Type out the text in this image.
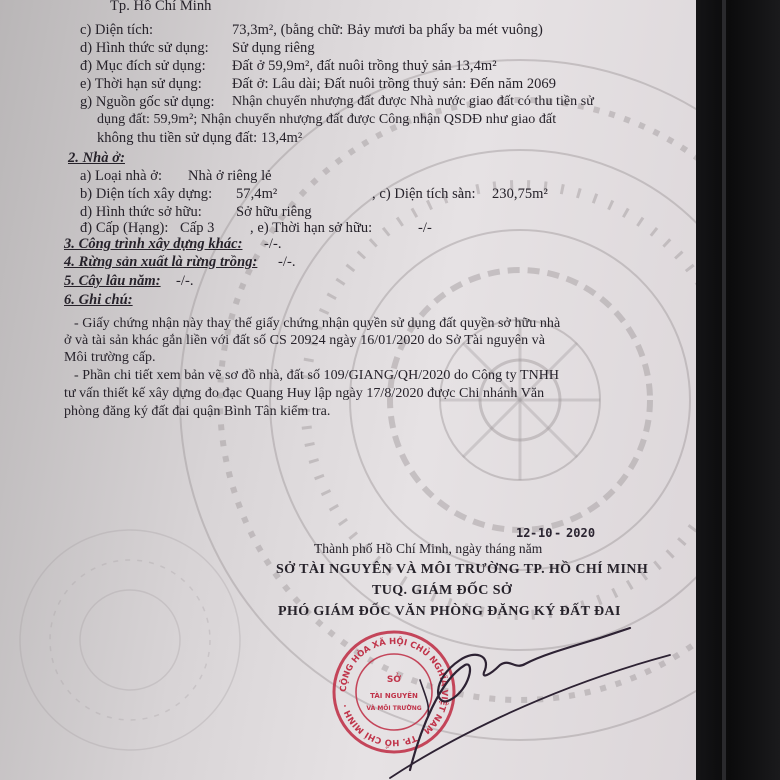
Tp. Hồ Chí Minh
c) Diện tích:	73,3m², (bằng chữ: Bảy mươi ba phẩy ba mét vuông)
d) Hình thức sử dụng: Sử dụng riêng
đ) Mục đích sử dụng: Đất ở 59,9m², đất nuôi trồng thuỷ sản 13,4m²
e) Thời hạn sử dụng: Đất ở: Lâu dài; Đất nuôi trồng thuỷ sản: Đến năm 2069
g) Nguồn gốc sử dụng: Nhận chuyển nhượng đất được Nhà nước giao đất có thu tiền sử
dụng đất: 59,9m²; Nhận chuyển nhượng đất được Công nhận QSDĐ như giao đất
không thu tiền sử dụng đất: 13,4m²
2. Nhà ở:
a) Loại nhà ở: Nhà ở riêng lẻ
b) Diện tích xây dựng: 57,4m²	, c) Diện tích sàn: 230,75m²
d) Hình thức sở hữu: Sở hữu riêng
đ) Cấp (Hạng): Cấp 3 , e) Thời hạn sở hữu:	-/-
3. Công trình xây dựng khác: -/-.
4. Rừng sản xuất là rừng trồng: -/-.
5. Cây lâu năm: -/-.
6. Ghi chú:
- Giấy chứng nhận này thay thế giấy chứng nhận quyền sử dụng đất quyền sở hữu nhà
ở và tài sản khác gắn liền với đất số CS 20924 ngày 16/01/2020 do Sở Tài nguyên và
Môi trường cấp.
- Phần chi tiết xem bản vẽ sơ đồ nhà, đất số 109/GIANG/QH/2020 do Công ty TNHH
tư vấn thiết kế xây dựng đo đạc Quang Huy lập ngày 17/8/2020 được Chi nhánh Văn
phòng đăng ký đất đai quận Bình Tân kiểm tra.
12 - 10 - 2020
Thành phố Hồ Chí Minh, ngày tháng năm
SỞ TÀI NGUYÊN VÀ MÔI TRƯỜNG TP. HỒ CHÍ MINH
TUQ. GIÁM ĐỐC SỞ
PHÓ GIÁM ĐỐC VĂN PHÒNG ĐĂNG KÝ ĐẤT ĐAI
CỘNG HÒA XÃ HỘI CHỦ NGHĨA VIỆT NAM · TP. HỒ CHÍ MINH ·
SỞ
TÀI NGUYÊN
VÀ MÔI TRƯỜNG
